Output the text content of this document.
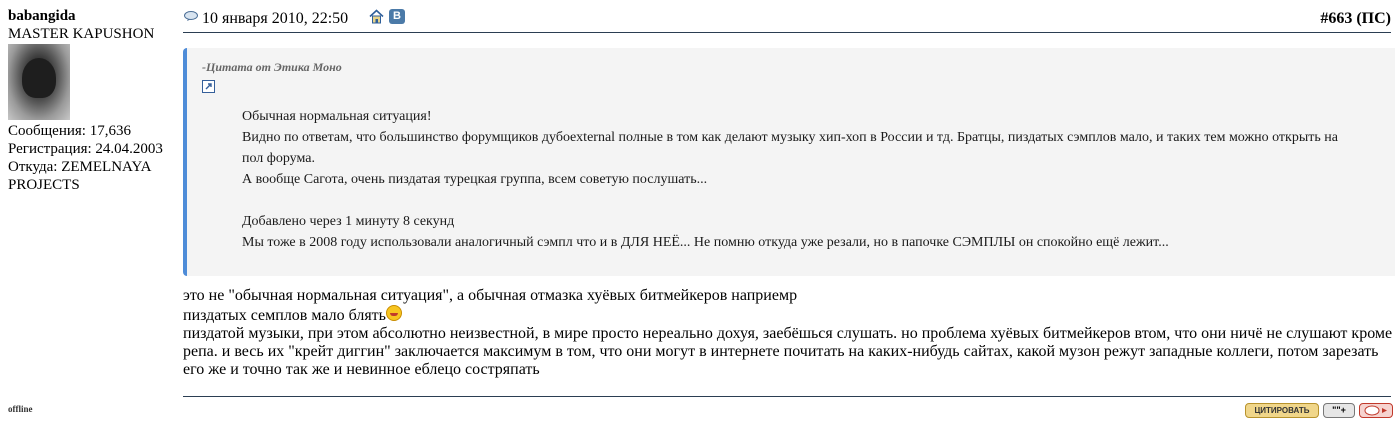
babangida
MASTER KAPUSHON
Сообщения: 17,636
Регистрация: 24.04.2003
Откуда: ZEMELNAYA PROJECTS
offline
10 января 2010, 22:50	B	#663 (ПС)
-Цитата от Этика Моно

Обычная нормальная ситуация!

Видно по ответам, что большинство форумщиков дубоexternal полные в том как делают музыку хип-хоп в России и тд. Братцы, пиздатых сэмплов мало, и таких тем можно открыть на пол форума.

А вообще Сагота, очень пиздатая турецкая группа, всем советую послушать...

Добавлено через 1 минуту 8 секунд

Мы тоже в 2008 году использовали аналогичный сэмпл что и в ДЛЯ НЕЁ... Не помню откуда уже резали, но в папочке СЭМПЛЫ он спокойно ещё лежит...

это не "обычная нормальная ситуация", а обычная отмазка хуёвых битмейкеров наприемр

пиздатых семплов мало блять

пиздатой музыки, при этом абсолютно неизвестной, в мире просто нереально дохуя, заебёшься слушать. но проблема хуёвых битмейкеров втом, что они ничё не слушают кроме репа. и весь их "крейт диггин" заключается максимум в том, что они могут в интернете почитать на каких-нибудь сайтах, какой музон режут западные коллеги, потом зарезать его же и точно так же и невинное еблецо состряпать

ЦИТИРОВАТЬ	""+
